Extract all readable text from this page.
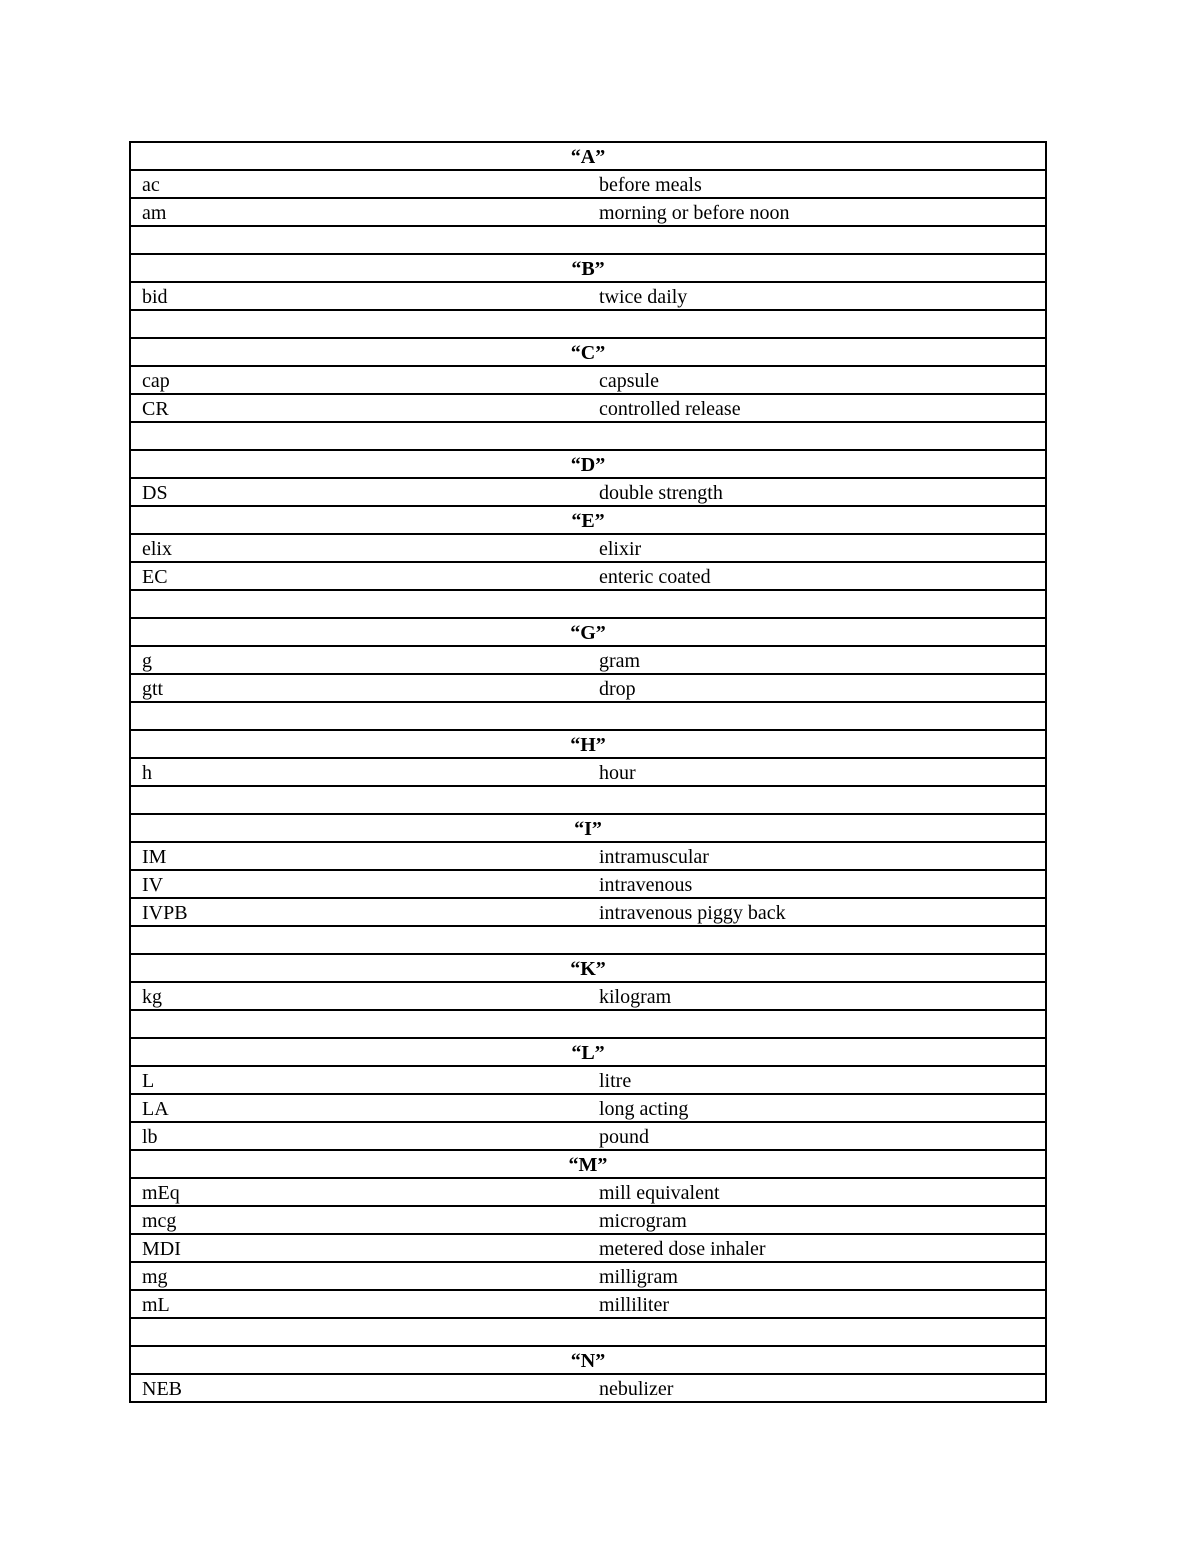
“A”	
ac	before meals
am	morning or before noon

“B”	
bid	twice daily

“C”	
cap	capsule
CR	controlled release

“D”	
DS	double strength
“E”	
elix	elixir
EC	enteric coated

“G”	
g	gram
gtt	drop

“H”	
h	hour

“I”	
IM	intramuscular
IV	intravenous
IVPB	intravenous piggy back

“K”	
kg	kilogram

“L”	
L	litre
LA	long acting
lb	pound
“M”	
mEq	mill equivalent
mcg	microgram
MDI	metered dose inhaler
mg	milligram
mL	milliliter

“N”	
NEB	nebulizer
